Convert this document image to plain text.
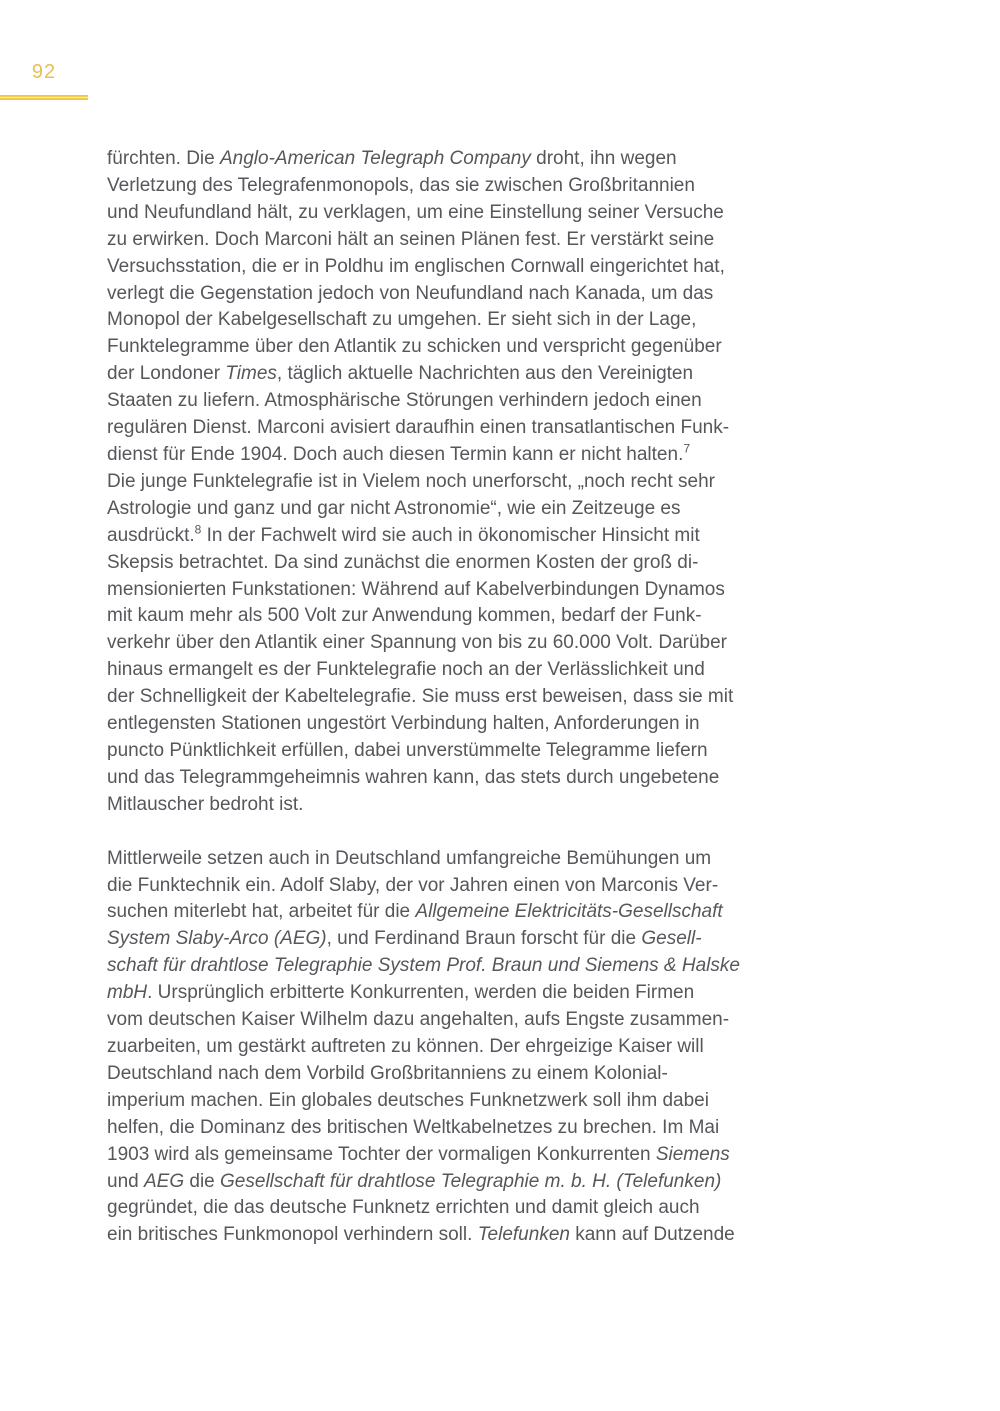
92
fürchten. Die Anglo-American Telegraph Company droht, ihn wegen
Verletzung des Telegrafenmonopols, das sie zwischen Großbritannien
und Neufundland hält, zu verklagen, um eine Einstellung seiner Versuche
zu erwirken. Doch Marconi hält an seinen Plänen fest. Er verstärkt seine
Versuchsstation, die er in Poldhu im englischen Cornwall eingerichtet hat,
verlegt die Gegenstation jedoch von Neufundland nach Kanada, um das
Monopol der Kabelgesellschaft zu umgehen. Er sieht sich in der Lage,
Funktelegramme über den Atlantik zu schicken und verspricht gegenüber
der Londoner Times, täglich aktuelle Nachrichten aus den Vereinigten
Staaten zu liefern. Atmosphärische Störungen verhindern jedoch einen
regulären Dienst. Marconi avisiert daraufhin einen transatlantischen Funk-
dienst für Ende 1904. Doch auch diesen Termin kann er nicht halten.$^7$
Die junge Funktelegrafie ist in Vielem noch unerforscht, „noch recht sehr
Astrologie und ganz und gar nicht Astronomie“, wie ein Zeitzeuge es
ausdrückt.$^8$ In der Fachwelt wird sie auch in ökonomischer Hinsicht mit
Skepsis betrachtet. Da sind zunächst die enormen Kosten der groß di-
mensionierten Funkstationen: Während auf Kabelverbindungen Dynamos
mit kaum mehr als 500 Volt zur Anwendung kommen, bedarf der Funk-
verkehr über den Atlantik einer Spannung von bis zu 60.000 Volt. Darüber
hinaus ermangelt es der Funktelegrafie noch an der Verlässlichkeit und
der Schnelligkeit der Kabeltelegrafie. Sie muss erst beweisen, dass sie mit
entlegensten Stationen ungestört Verbindung halten, Anforderungen in
puncto Pünktlichkeit erfüllen, dabei unverstümmelte Telegramme liefern
und das Telegrammgeheimnis wahren kann, das stets durch ungebetene
Mitlauscher bedroht ist.
Mittlerweile setzen auch in Deutschland umfangreiche Bemühungen um
die Funktechnik ein. Adolf Slaby, der vor Jahren einen von Marconis Ver-
suchen miterlebt hat, arbeitet für die Allgemeine Elektricitäts-Gesellschaft
System Slaby-Arco (AEG), und Ferdinand Braun forscht für die Gesell-
schaft für drahtlose Telegraphie System Prof. Braun und Siemens & Halske
mbH. Ursprünglich erbitterte Konkurrenten, werden die beiden Firmen
vom deutschen Kaiser Wilhelm dazu angehalten, aufs Engste zusammen-
zuarbeiten, um gestärkt auftreten zu können. Der ehrgeizige Kaiser will
Deutschland nach dem Vorbild Großbritanniens zu einem Kolonial-
imperium machen. Ein globales deutsches Funknetzwerk soll ihm dabei
helfen, die Dominanz des britischen Weltkabelnetzes zu brechen. Im Mai
1903 wird als gemeinsame Tochter der vormaligen Konkurrenten Siemens
und AEG die Gesellschaft für drahtlose Telegraphie m. b. H. (Telefunken)
gegründet, die das deutsche Funknetz errichten und damit gleich auch
ein britisches Funkmonopol verhindern soll. Telefunken kann auf Dutzende
